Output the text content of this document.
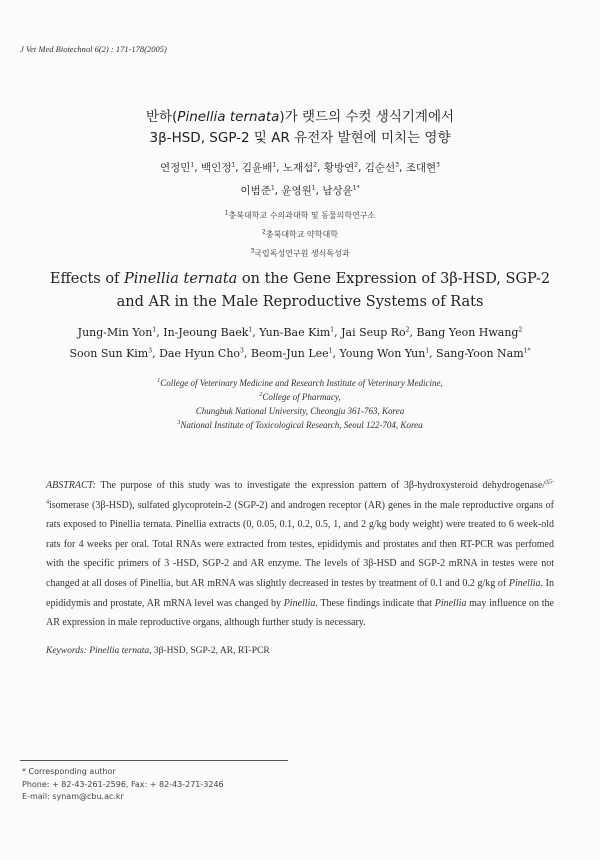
J Vet Med Biotechnol 6(2) : 171-178(2005)
반하(Pinellia ternata)가 랫드의 수컷 생식기계에서
3β-HSD, SGP-2 및 AR 유전자 발현에 미치는 영향
연정민$^1$, 백인정$^1$, 김윤배$^1$, 노재섭$^2$, 황방연$^2$, 김순선$^3$, 조대현$^3$
이범준$^1$, 윤영원$^1$, 남상윤$^{1*}$
$^1$충북대학교 수의과대학 및 동물의학연구소
$^2$충북대학교 약학대학
$^3$국립독성연구원 생식독성과
Effects of Pinellia ternata on the Gene Expression of 3β-HSD, SGP-2
and AR in the Male Reproductive Systems of Rats
Jung-Min Yon$^1$, In-Jeoung Baek$^1$, Yun-Bae Kim$^1$, Jai Seup Ro$^2$, Bang Yeon Hwang$^2$
Soon Sun Kim$^3$, Dae Hyun Cho$^3$, Beom-Jun Lee$^1$, Young Won Yun$^1$, Sang-Yoon Nam$^{1*}$
$^1$College of Veterinary Medicine and Research Institute of Veterinary Medicine,
$^2$College of Pharmacy,
Chungbuk National University, Cheongju 361-763, Korea
$^3$National Institute of Toxicological Research, Seoul 122-704, Korea
ABSTRACT: The purpose of this study was to investigate the expression pattern of 3β-hydroxysteroid dehydrogenase/$^{\Delta 5-4}$isomerase (3β-HSD), sulfated glycoprotein-2 (SGP-2) and androgen receptor (AR) genes in the male reproductive organs of rats exposed to Pinellia ternata. Pinellia extracts (0, 0.05, 0.1, 0.2, 0.5, 1, and 2 g/kg body weight) were treated to 6 week-old rats for 4 weeks per oral. Total RNAs were extracted from testes, epididymis and prostates and then RT-PCR was perfomed with the specific primers of 3 -HSD, SGP-2 and AR enzyme. The levels of 3β-HSD and SGP-2 mRNA in testes were not changed at all doses of Pinellia, but AR mRNA was slightly decreased in testes by treatment of 0.1 and 0.2 g/kg of Pinellia. In epididymis and prostate, AR mRNA level was changed by Pinellia. These findings indicate that Pinellia may influence on the AR expression in male reproductive organs, although further study is necessary.
Keywords: Pinellia ternata, 3β-HSD, SGP-2, AR, RT-PCR
* Corresponding author
Phone: + 82-43-261-2596, Fax: + 82-43-271-3246
E-mail: synam@cbu.ac.kr
